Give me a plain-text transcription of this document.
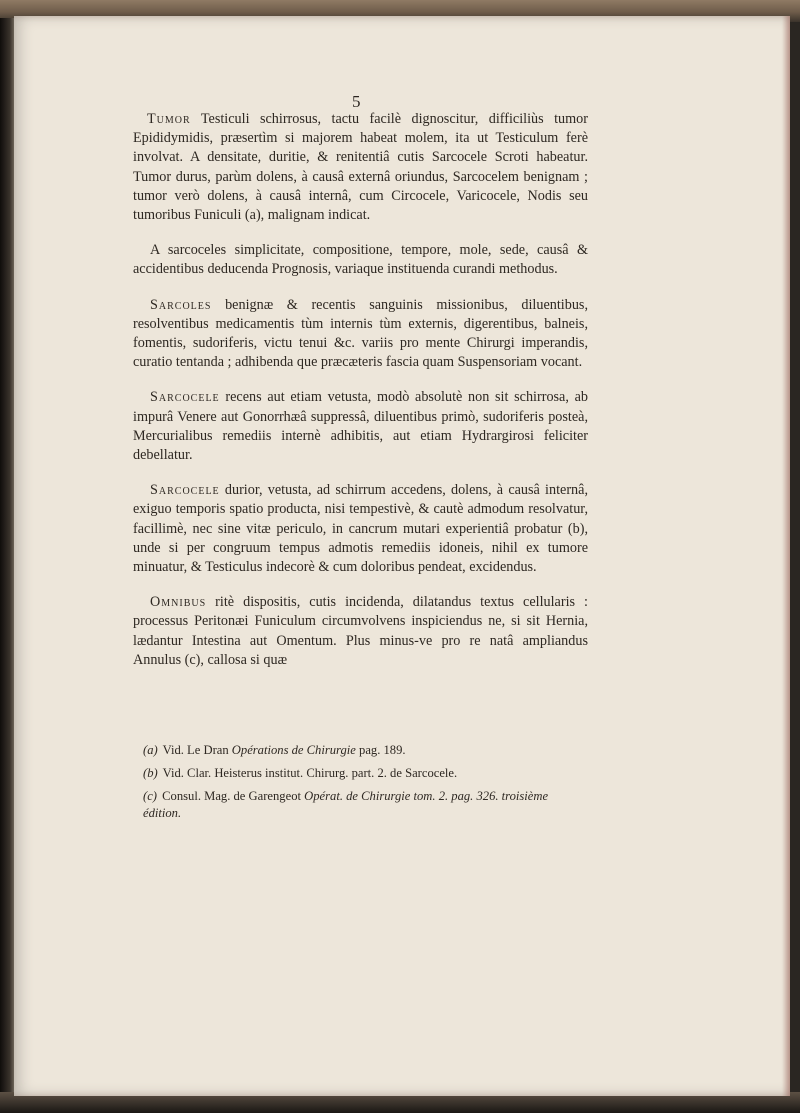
5

Tumor Testiculi schirrosus, tactu facilè dignoscitur, difficiliùs tumor Epididymidis, præsertìm si majorem habeat molem, ita ut Testiculum ferè involvat. A densitate, duritie, & renitentiâ cutis Sarcocele Scroti habeatur. Tumor durus, parùm dolens, à causâ externâ oriundus, Sarcocelem benignam ; tumor verò dolens, à causâ internâ, cum Circocele, Varicocele, Nodis seu tumoribus Funiculi (a), malignam indicat.

A sarcoceles simplicitate, compositione, tempore, mole, sede, causâ & accidentibus deducenda Prognosis, variaque instituenda curandi methodus.

Sarcoles benignæ & recentis sanguinis missionibus, diluentibus, resolventibus medicamentis tùm internis tùm externis, digerentibus, balneis, fomentis, sudoriferis, victu tenui &c. variis pro mente Chirurgi imperandis, curatio tentanda ; adhibenda que præcæteris fascia quam Suspensoriam vocant.

Sarcocele recens aut etiam vetusta, modò absolutè non sit schirrosa, ab impurâ Venere aut Gonorrhæâ suppressâ, diluentibus primò, sudoriferis posteà, Mercurialibus remediis internè adhibitis, aut etiam Hydrargirosi feliciter debellatur.

Sarcocele durior, vetusta, ad schirrum accedens, dolens, à causâ internâ, exiguo temporis spatio producta, nisi tempestivè, & cautè admodum resolvatur, facillimè, nec sine vitæ periculo, in cancrum mutari experientiâ probatur (b), unde si per congruum tempus admotis remediis idoneis, nihil ex tumore minuatur, & Testiculus indecorè & cum doloribus pendeat, excidendus.

Omnibus ritè dispositis, cutis incidenda, dilatandus textus cellularis : processus Peritonæi Funiculum circumvolvens inspiciendus ne, si sit Hernia, lædantur Intestina aut Omentum. Plus minus-ve pro re natâ ampliandus Annulus (c), callosa si quæ

(a) Vid. Le Dran Opérations de Chirurgie pag. 189.

(b) Vid. Clar. Heisterus institut. Chirurg. part. 2. de Sarcocele.

(c) Consul. Mag. de Garengeot Opérat. de Chirurgie tom. 2. pag. 326. troisième édition.
